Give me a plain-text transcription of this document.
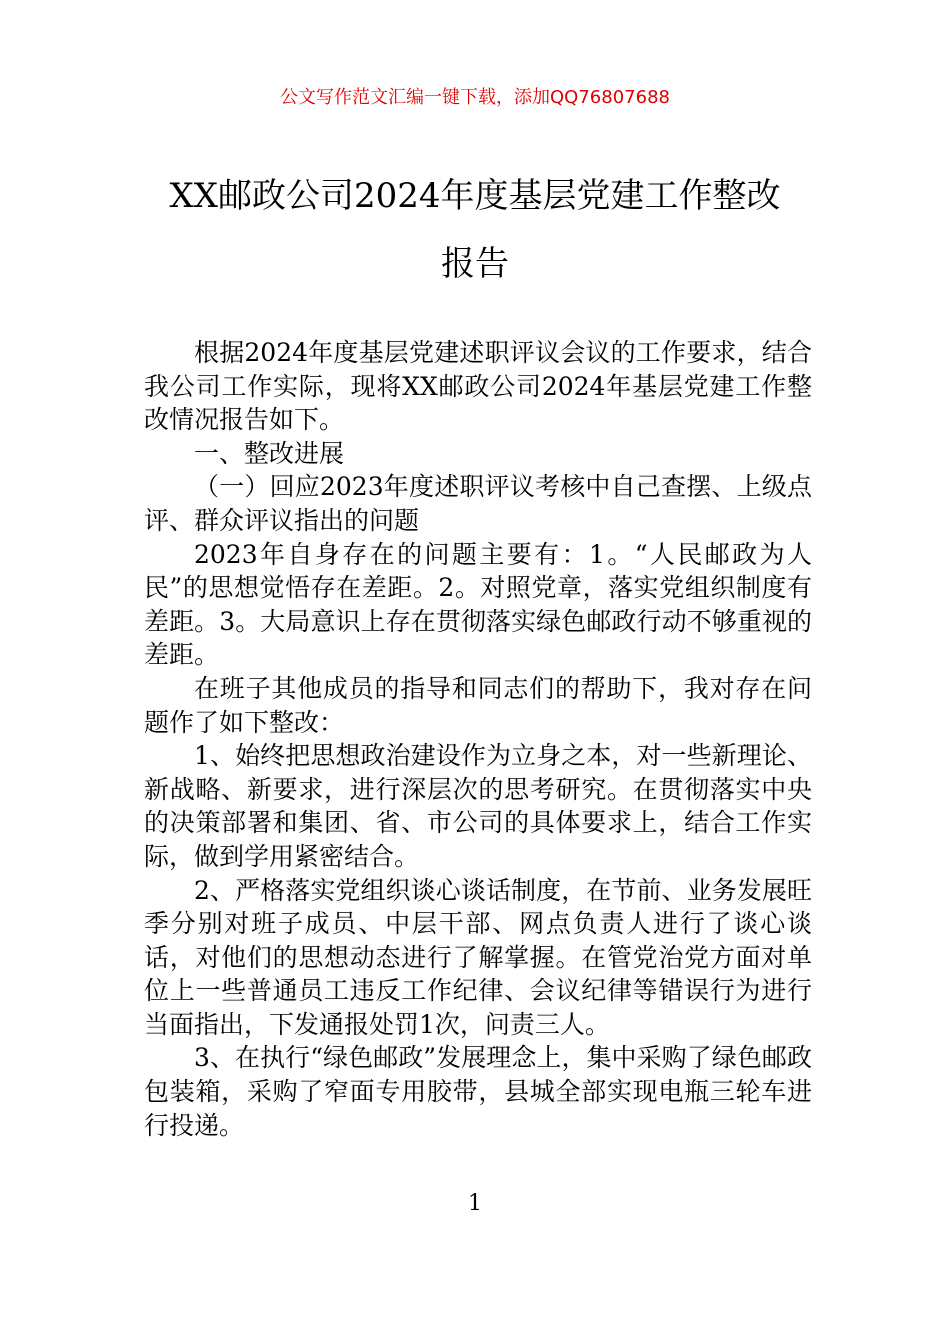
公文写作范文汇编一键下载，添加QQ76807688
XX邮政公司2024年度基层党建工作整改
报告

根据2024年度基层党建述职评议会议的工作要求，结合我公司工作实际，现将XX邮政公司2024年基层党建工作整改情况报告如下。

一、整改进展

（一）回应2023年度述职评议考核中自己查摆、上级点评、群众评议指出的问题

2023年自身存在的问题主要有：1。“人民邮政为人民”的思想觉悟存在差距。2。对照党章，落实党组织制度有差距。3。大局意识上存在贯彻落实绿色邮政行动不够重视的差距。

在班子其他成员的指导和同志们的帮助下，我对存在问题作了如下整改：

1、始终把思想政治建设作为立身之本，对一些新理论、新战略、新要求，进行深层次的思考研究。在贯彻落实中央的决策部署和集团、省、市公司的具体要求上，结合工作实际，做到学用紧密结合。

2、严格落实党组织谈心谈话制度，在节前、业务发展旺季分别对班子成员、中层干部、网点负责人进行了谈心谈话，对他们的思想动态进行了解掌握。在管党治党方面对单位上一些普通员工违反工作纪律、会议纪律等错误行为进行当面指出，下发通报处罚1次，问责三人。

3、在执行“绿色邮政”发展理念上，集中采购了绿色邮政包装箱，采购了窄面专用胶带，县城全部实现电瓶三轮车进行投递。

1
